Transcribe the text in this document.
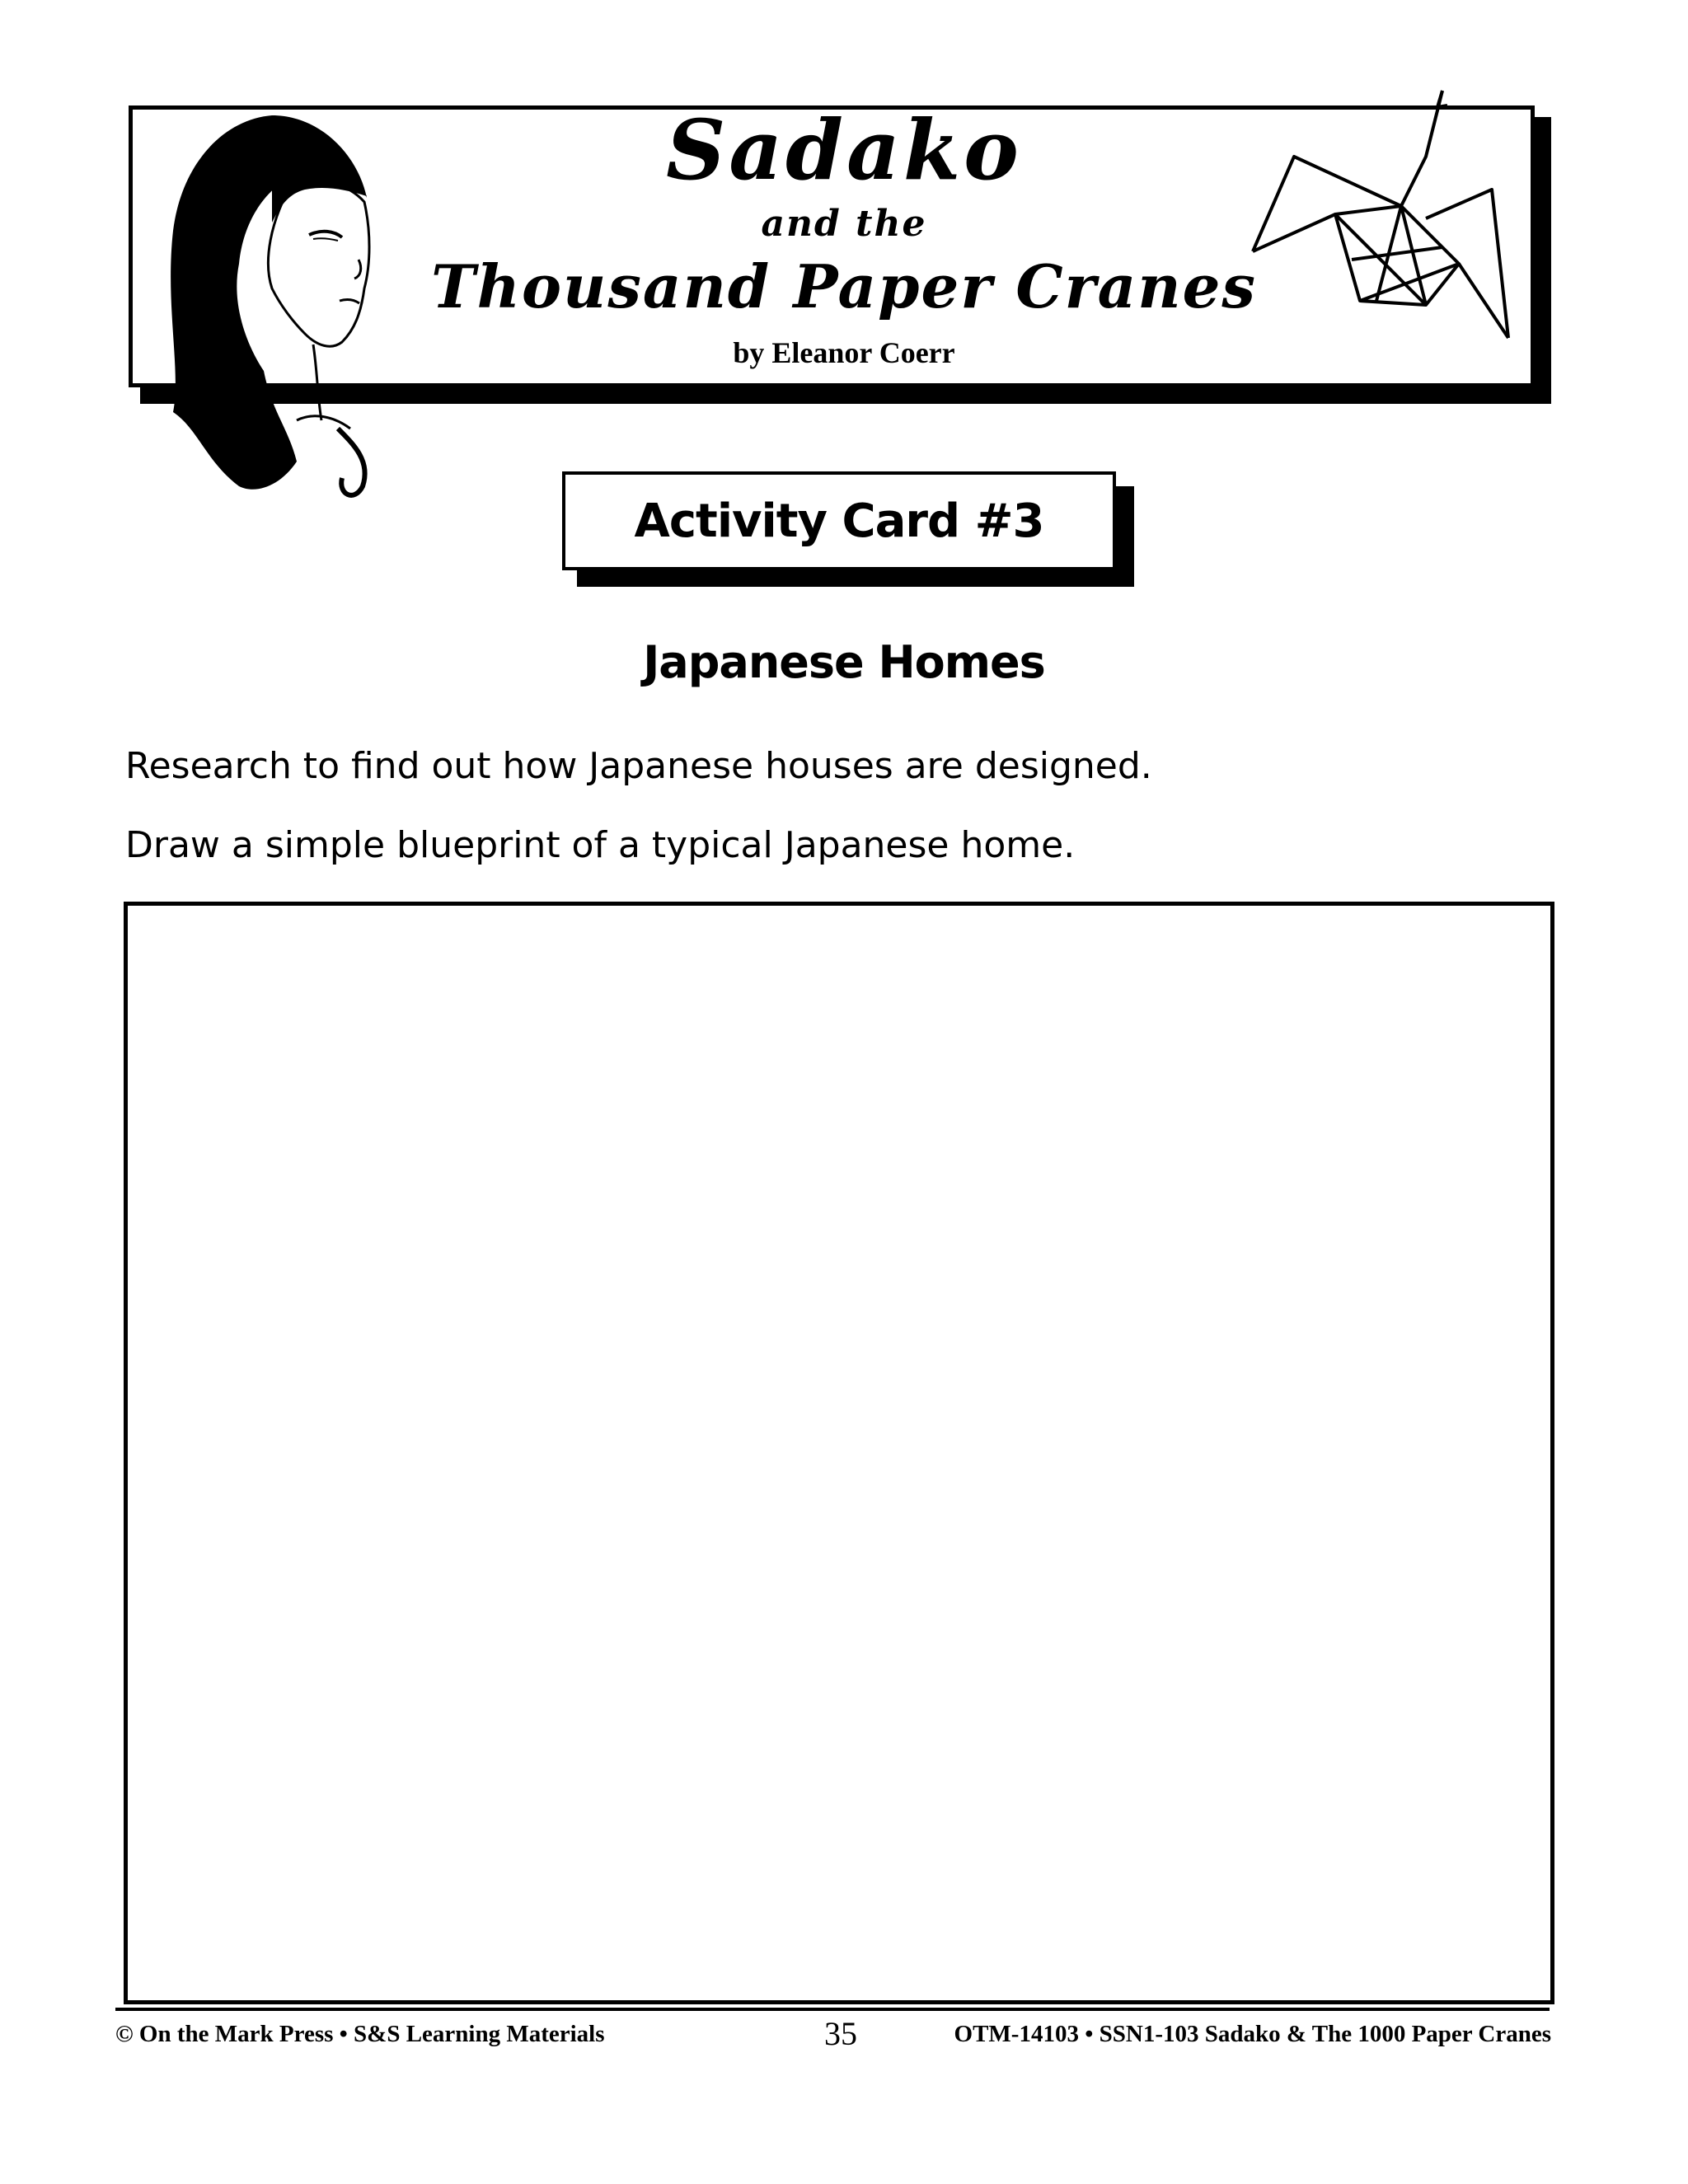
Sadako
and the
Thousand Paper Cranes
by Eleanor Coerr
Activity Card #3
Japanese Homes
Research to find out how Japanese houses are designed.
Draw a simple blueprint of a typical Japanese home.
© On the Mark Press • S&S Learning Materials	35	OTM-14103 • SSN1-103 Sadako & The 1000 Paper Cranes
